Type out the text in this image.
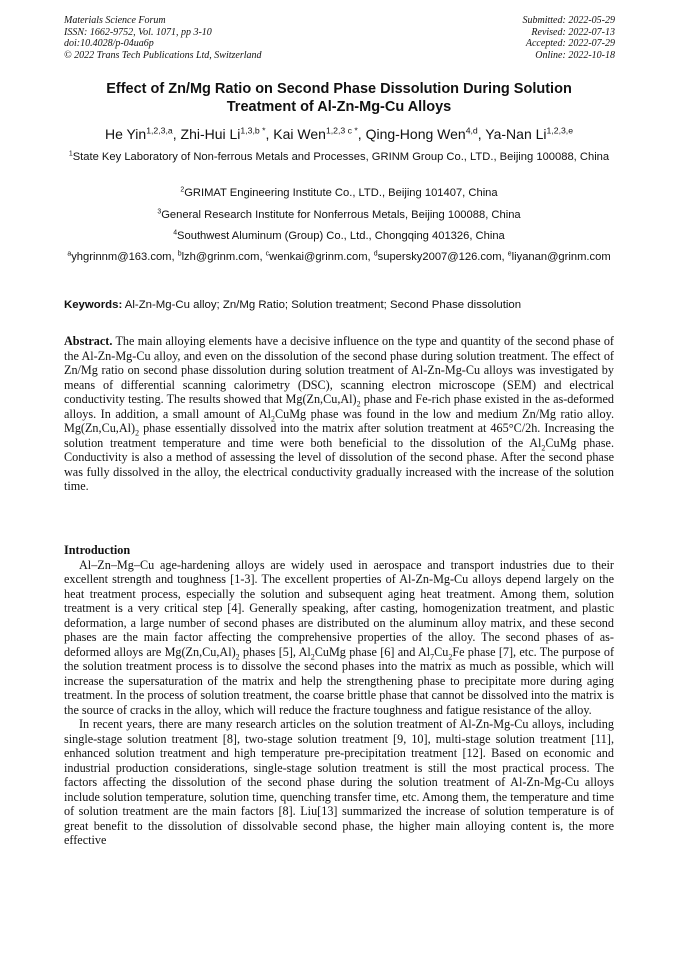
Materials Science Forum
ISSN: 1662-9752, Vol. 1071, pp 3-10
doi:10.4028/p-04ua6p
© 2022 Trans Tech Publications Ltd, Switzerland
Submitted: 2022-05-29
Revised: 2022-07-13
Accepted: 2022-07-29
Online: 2022-10-18
Effect of Zn/Mg Ratio on Second Phase Dissolution During Solution
Treatment of Al-Zn-Mg-Cu Alloys
He Yin$^{1,2,3,a}$, Zhi-Hui $Li^{1,3,b *}$, Kai Wen$^{1,2,3 c *}$, Qing-Hong Wen$^{4,d}$, Ya-Nan Li$^{1,2,3,e}$
$^1$State Key Laboratory of Non-ferrous Metals and Processes, GRINM Group Co., LTD., Beijing 100088, China
$^2$GRIMAT Engineering Institute Co., LTD., Beijing 101407, China
$^3$General Research Institute for Nonferrous Metals, Beijing 100088, China
$^4$Southwest Aluminum (Group) Co., Ltd., Chongqing 401326, China
$^a$yhgrinnm@163.com, $^b$lzh@grinm.com, $^c$wenkai@grinm.com, $^d$supersky2007@126.com, $^e$liyanan@grinm.com
Keywords: Al-Zn-Mg-Cu alloy; Zn/Mg Ratio; Solution treatment; Second Phase dissolution
Abstract. The main alloying elements have a decisive influence on the type and quantity of the second phase of the Al-Zn-Mg-Cu alloy, and even on the dissolution of the second phase during solution treatment. The effect of Zn/Mg ratio on second phase dissolution during solution treatment of Al-Zn-Mg-Cu alloys was investigated by means of differential scanning calorimetry (DSC), scanning electron microscope (SEM) and electrical conductivity testing. The results showed that $Mg(Zn,Cu,Al)_2$ phase and Fe-rich phase existed in the as-deformed alloys. In addition, a small amount of $Al_2CuMg$ phase was found in the low and medium Zn/Mg ratio alloy. $Mg(Zn,Cu,Al)_2$ phase essentially dissolved into the matrix after solution treatment at 465°C/2h. Increasing the solution treatment temperature and time were both beneficial to the dissolution of the $Al_2CuMg$ phase. Conductivity is also a method of assessing the level of dissolution of the second phase. After the second phase was fully dissolved in the alloy, the electrical conductivity gradually increased with the increase of the solution time.
Introduction

Al–Zn–Mg–Cu age-hardening alloys are widely used in aerospace and transport industries due to their excellent strength and toughness [1-3]. The excellent properties of Al-Zn-Mg-Cu alloys depend largely on the heat treatment process, especially the solution and subsequent aging heat treatment. Among them, solution treatment is a very critical step [4]. Generally speaking, after casting, homogenization treatment, and plastic deformation, a large number of second phases are distributed on the aluminum alloy matrix, and these second phases are the main factor affecting the comprehensive properties of the alloy. The second phases of as-deformed alloys are $Mg(Zn,Cu,Al)_2$ phases [5], $Al_2CuMg$ phase [6] and $Al_7Cu_2Fe$ phase [7], etc. The purpose of the solution treatment process is to dissolve the second phases into the matrix as much as possible, which will increase the supersaturation of the matrix and help the strengthening phase to precipitate more during aging treatment. In the process of solution treatment, the coarse brittle phase that cannot be dissolved into the matrix is the source of cracks in the alloy, which will reduce the fracture toughness and fatigue resistance of the alloy.

In recent years, there are many research articles on the solution treatment of Al-Zn-Mg-Cu alloys, including single-stage solution treatment [8], two-stage solution treatment [9, 10], multi-stage solution treatment [11], enhanced solution treatment and high temperature pre-precipitation treatment [12]. Based on economic and industrial production considerations, single-stage solution treatment is still the most practical process. The factors affecting the dissolution of the second phase during the solution treatment of Al-Zn-Mg-Cu alloys include solution temperature, solution time, quenching transfer time, etc. Among them, the temperature and time of solution treatment are the main factors [8]. Liu[13] summarized the increase of solution temperature is of great benefit to the dissolution of dissolvable second phase, the higher main alloying content is, the more effective
